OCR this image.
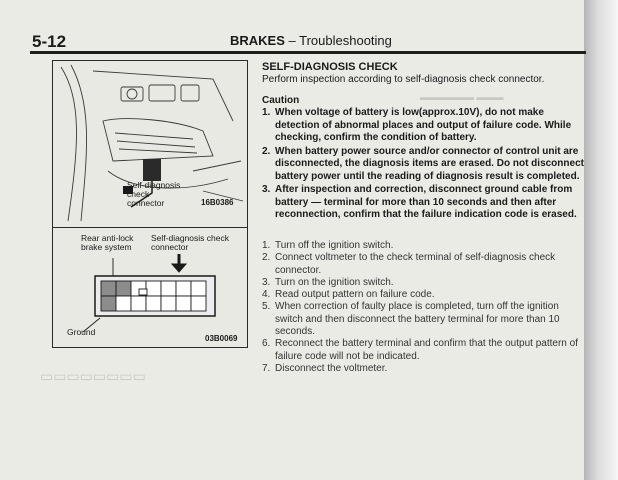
▬▬▬▬▬▬ ▬▬▬
▭▭▭▭▭▭▭▭
5-12	BRAKES – Troubleshooting
Self-diagnosis check connector	16B0386
Rear anti-lock brake system
Self-diagnosis check connector
Ground
03B0069
SELF-DIAGNOSIS CHECK
Perform inspection according to self-diagnosis check connector.
Caution
1. When voltage of battery is low(approx.10V), do not make detection of abnormal places and output of failure code. While checking, confirm the condition of battery.
2. When battery power source and/or connector of control unit are disconnected, the diagnosis items are erased. Do not disconnect battery power until the reading of diagnosis result is completed.
3. After inspection and correction, disconnect ground cable from battery — terminal for more than 10 seconds and then after reconnection, confirm that the failure indication code is erased.
1. Turn off the ignition switch.
2. Connect voltmeter to the check terminal of self-diagnosis check connector.
3. Turn on the ignition switch.
4. Read output pattern on failure code.
5. When correction of faulty place is completed, turn off the ignition switch and then disconnect the battery terminal for more than 10 seconds.
6. Reconnect the battery terminal and confirm that the output pattern of failure code will not be indicated.
7. Disconnect the voltmeter.
